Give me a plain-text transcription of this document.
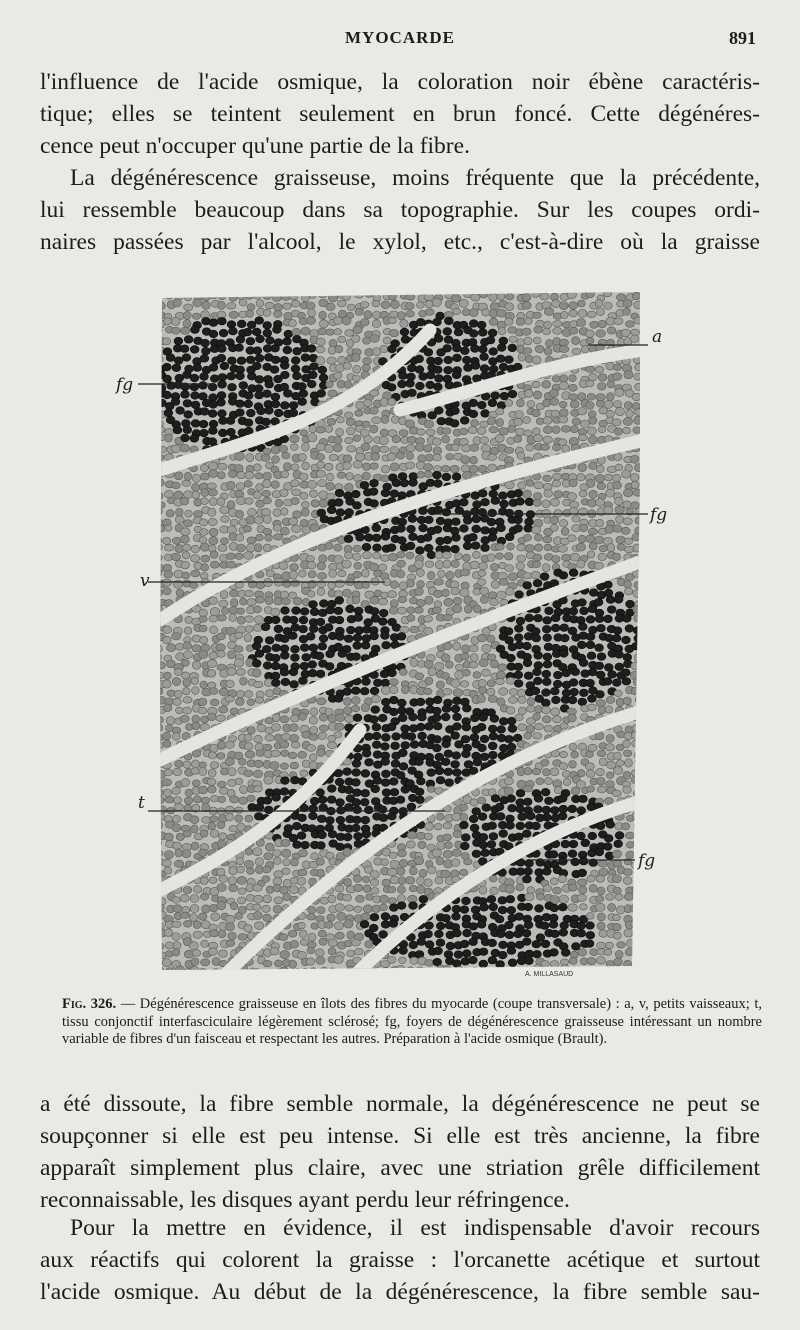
MYOCARDE	891
l'influence de l'acide osmique, la coloration noir ébène caractéris-
tique; elles se teintent seulement en brun foncé. Cette dégénéres-
cence peut n'occuper qu'une partie de la fibre.
La dégénérescence graisseuse, moins fréquente que la précédente,
lui ressemble beaucoup dans sa topographie. Sur les coupes ordi-
naires passées par l'alcool, le xylol, etc., c'est-à-dire où la graisse
fg
a
fg
v
t
fg
A. MILLASAUD
Fig. 326. — Dégénérescence graisseuse en îlots des fibres du myocarde (coupe transversale) : a, v, petits vaisseaux; t, tissu conjonctif interfasciculaire légèrement sclérosé; fg, foyers de dégénérescence graisseuse intéressant un nombre variable de fibres d'un faisceau et respectant les autres. Préparation à l'acide osmique (Brault).
a été dissoute, la fibre semble normale, la dégénérescence ne peut se
soupçonner si elle est peu intense. Si elle est très ancienne, la fibre
apparaît simplement plus claire, avec une striation grêle difficilement
reconnaissable, les disques ayant perdu leur réfringence.
Pour la mettre en évidence, il est indispensable d'avoir recours
aux réactifs qui colorent la graisse : l'orcanette acétique et surtout
l'acide osmique. Au début de la dégénérescence, la fibre semble sau-
